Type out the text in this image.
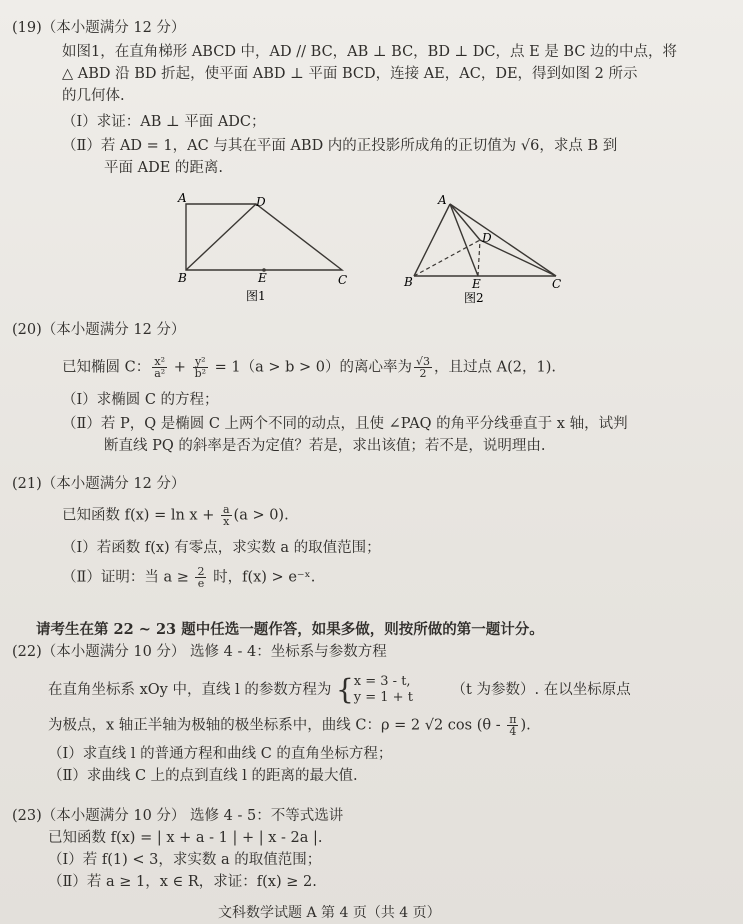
(19)（本小题满分 12 分）
如图1，在直角梯形 ABCD 中，AD // BC，AB ⊥ BC，BD ⊥ DC，点 E 是 BC 边的中点，将
△ ABD 沿 BD 折起，使平面 ABD ⊥ 平面 BCD，连接 AE，AC，DE，得到如图 2 所示
的几何体.
（Ⅰ）求证：AB ⊥ 平面 ADC；
（Ⅱ）若 AD = 1，AC 与其在平面 ABD 内的正投影所成角的正切值为 √6，求点 B 到
平面 ADE 的距离.
A	D
B	E	C
图1
A
D
B	E	C
图2
(20)（本小题满分 12 分）
已知椭圆 C： $\frac{\text{x²}}{\text{a²}} + \frac{\text{y²}}{\text{b²}} = 1(a > b > 0)$的离心率为 $\frac{√3}{2}$ ，且过点 A(2，1).
（Ⅰ）求椭圆 C 的方程；
（Ⅱ）若 P，Q 是椭圆 C 上两个不同的动点，且使 ∠PAQ 的角平分线垂直于 x 轴，试判
断直线 PQ 的斜率是否为定值？若是，求出该值；若不是，说明理由.
(21)（本小题满分 12 分）
已知函数 $f(x) = \ln x + \frac{a}{x} (a > 0)$.
（Ⅰ）若函数 f(x) 有零点，求实数 a 的取值范围；
（Ⅱ）证明：当 $a \ge \frac{2}{e}$ 时，f(x) > e⁻ˣ.
请考生在第 22 ~ 23 题中任选一题作答，如果多做，则按所做的第一题计分。
(22)（本小题满分 10 分） 选修 4 - 4：坐标系与参数方程
在直角坐标系 xOy 中，直线 l 的参数方程为 { x = 3 - t,
y = 1 + t	（t 为参数）. 在以坐标原点
为极点，x 轴正半轴为极轴的极坐标系中，曲线 C：ρ = 2 √2 $\cos (\theta - \frac{\pi}{4}$ ).
（Ⅰ）求直线 l 的普通方程和曲线 C 的直角坐标方程；
（Ⅱ）求曲线 C 上的点到直线 l 的距离的最大值.
(23)（本小题满分 10 分） 选修 4 - 5：不等式选讲
已知函数 f(x) = | x + a - 1 | + | x - 2a |.
（Ⅰ）若 f(1) < 3，求实数 a 的取值范围；
（Ⅱ）若 a ≥ 1，x ∈ R，求证：f(x) ≥ 2.
文科数学试题 A 第 4 页（共 4 页）
